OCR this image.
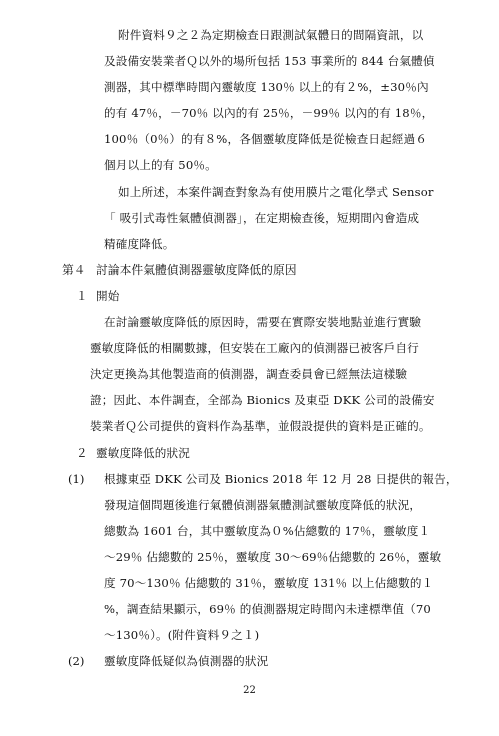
附件資料９之２為定期檢查日跟測試氣體日的間隔資訊，以
及設備安裝業者Ｑ以外的場所包括 153 事業所的 844 台氣體偵
測器，其中標準時間內靈敏度 130％ 以上的有２%，±30％內
的有 47％，－70％ 以內的有 25％，－99％ 以內的有 18％，
100％（0％）的有８%，各個靈敏度降低是從檢查日起經過６
個月以上的有 50％。
如上所述，本案件調查對象為有使用膜片之電化學式 Sensor
「 吸引式毒性氣體偵測器」，在定期檢查後，短期間內會造成
精確度降低。
第４ 討論本件氣體偵測器靈敏度降低的原因
１ 開始
在討論靈敏度降低的原因時，需要在實際安裝地點並進行實驗
靈敏度降低的相關數據，但安裝在工廠內的偵測器已被客戶自行
決定更換為其他製造商的偵測器，調查委員會已經無法這樣驗
證；因此、本件調查，全部為 Bionics 及東亞 DKK 公司的設備安
裝業者Ｑ公司提供的資料作為基準，並假設提供的資料是正確的。
２ 靈敏度降低的狀況
(1) 根據東亞 DKK 公司及 Bionics 2018 年 12 月 28 日提供的報告，
發現這個問題後進行氣體偵測器氣體測試靈敏度降低的狀況，
總數為 1601 台，其中靈敏度為０%佔總數的 17％，靈敏度１
～29％ 佔總數的 25％，靈敏度 30～69％佔總數的 26％，靈敏
度 70～130％ 佔總數的 31％，靈敏度 131％ 以上佔總數的１
%，調查結果顯示，69％ 的偵測器規定時間內未達標準值（70
～130％）。(附件資料９之１)
(2) 靈敏度降低疑似為偵測器的狀況
22
